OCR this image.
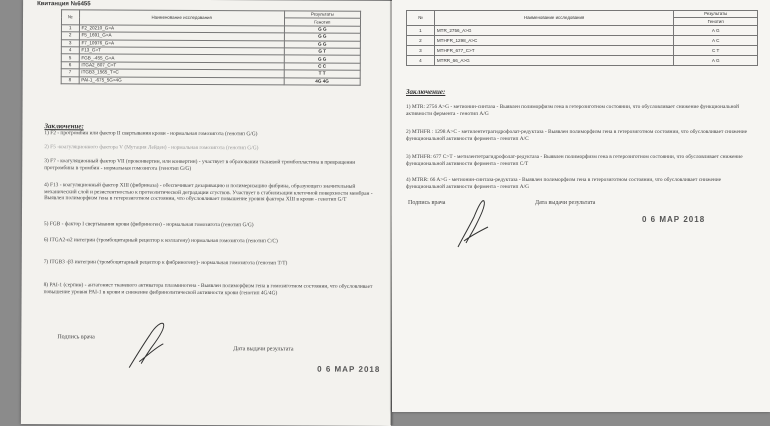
Квитанция №6455
№	Наименование исследования	Результаты
		Генотип
1	F2_20210_G>A	G G
2	F5_1691_G>A	G G
3	F7_10976_G>A	G G
4	F13_G>T	G T
5	FGB_-455_G>A	G G
6	ITGA2_807_C>T	C C
7	ITGB3_1565_T>C	T T
8	PAI-1_-675_5G>4G	4G 4G
Заключение:
1) F2 - протромбин или фактор II свертывания крови - нормальная гомозигота (генотип G/G)
2) F5 -коагуляционного фактора V (Мутация Лейден) - нормальная гомозигота (генотип G/G)
3) F7 - коагуляционный фактор VII (проконвертин, или конвертин) - участвует в образовании тканевой тромбопластина в превращении протромбина в тромбин - нормальная гомозигота (генотип G/G)
4) F13 - коагуляционный фактор XIII (фибриназа) - обеспечивает дезаривацию и полимеризацию фибрина, образующего значительный механический слой и резистентностью к протеолитической деградации сгустков. Участвует в стабилизации клеточной поверхности мембран - Выявлен полиморфизм гена в гетерозиготном состоянии, что обусловливает повышение уровня фактора XIII в крови - генотип G/T
5) FGB - фактор I свертывания крови (фибриноген) - нормальная гомозигота (генотип G/G)
6) ITGA2-α2 интегрин (тромбоцитарный рецептор к коллагену) нормальная гомозигота (генотип С/С)
7) ITGB3 -β3 интегрин (тромбоцитарный рецептор к фибриногену)- нормальная гомозигота (генотип Т/Т)
8) PAI-1 (серпин) - антагонист тканевого активатора плазминогена - Выявлен полиморфизм гена в гомозиготном состоянии, что обусловливает повышение уровня PAI-1 в крови и снижение фибринолитической активности крови (генотип 4G/4G)
Подпись врача
Дата выдачи результата
0 6 МАР 2018
№	Наименование исследования	Результаты
		Генотип
1	MTR_2756_A>G	A G
2	MTHFR_1298_A>C	A C
3	MTHFR_677_C>T	C T
4	MTRR_66_A>G	A G
Заключение:
1) MTR: 2756 A>G - метионин-синтаза - Выявлен полиморфизм гена в гетерозиготном состоянии, что обусловливает снижение функциональной активности фермента - генотип A/G
2) MTHFR : 1298 A>C - метилентетрагидрофолат-редуктаза - Выявлен полиморфизм гена в гетерозиготном состоянии, что обусловливает снижение функциональной активности фермента - генотип A/C
3) MTHFR: 677 C>T - метилентетрагидрофолат-редуктаза - Выявлен полиморфизм гена в гетерозиготном состоянии, что обусловливает снижение функциональной активности фермента - генотип C/T
4) MTRR: 66 A>G - метионин-синтаза-редуктаза - Выявлен полиморфизм гена в гетерозиготном состоянии, что обусловливает снижение функциональной активности фермента - генотип A/G
Подпись врача	Дата выдачи результата
0 6 МАР 2018
